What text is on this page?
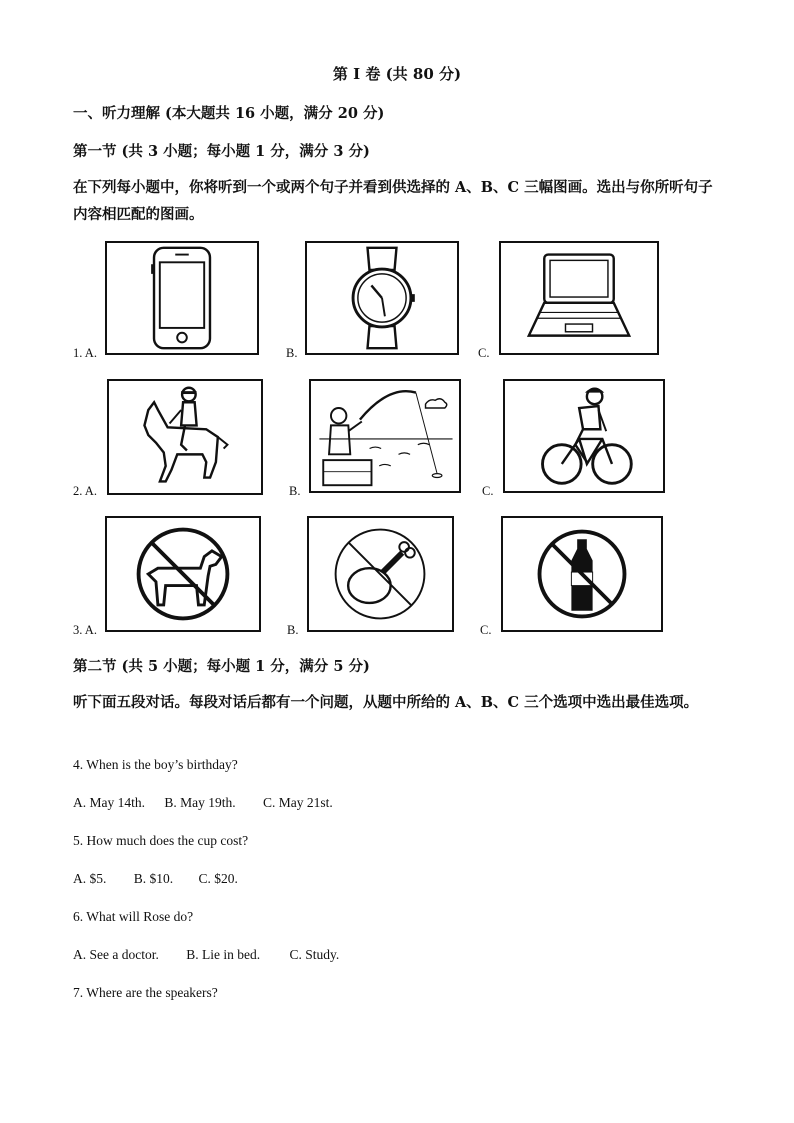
第 I 卷 (共 80 分)
一、听力理解 (本大题共 16 小题，满分 20 分)
第一节 (共 3 小题；每小题 1 分，满分 3 分)
在下列每小题中，你将听到一个或两个句子并看到供选择的 A、B、C 三幅图画。选出与你所听句子内容相匹配的图画。
1. A.	B.	C.
2. A.	B.	C.
3. A.	B.	C.
第二节 (共 5 小题；每小题 1 分，满分 5 分)
听下面五段对话。每段对话后都有一个问题，从题中所给的 A、B、C 三个选项中选出最佳选项。
4. When is the boy’s birthday?
A. May 14th. B. May 19th. C. May 21st.
5. How much does the cup cost?
A. $5. B. $10. C. $20.
6. What will Rose do?
A. See a doctor. B. Lie in bed. C. Study.
7. Where are the speakers?
